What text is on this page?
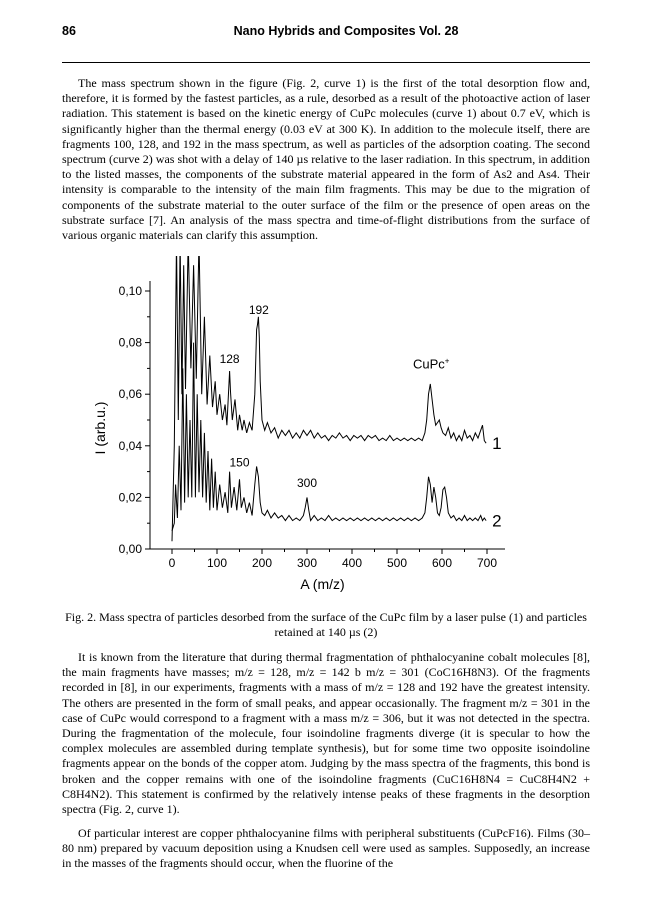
86	Nano Hybrids and Composites Vol. 28

The mass spectrum shown in the figure (Fig. 2, curve 1) is the first of the total desorption flow and, therefore, it is formed by the fastest particles, as a rule, desorbed as a result of the photoactive action of laser radiation. This statement is based on the kinetic energy of CuPc molecules (curve 1) about 0.7 eV, which is significantly higher than the thermal energy (0.03 eV at 300 K). In addition to the molecule itself, there are fragments 100, 128, and 192 in the mass spectrum, as well as particles of the adsorption coating. The second spectrum (curve 2) was shot with a delay of 140 µs relative to the laser radiation. In this spectrum, in addition to the listed masses, the components of the substrate material appeared in the form of As2 and As4. Their intensity is comparable to the intensity of the main film fragments. This may be due to the migration of components of the substrate material to the outer surface of the film or the presence of open areas on the substrate surface [7]. An analysis of the mass spectra and time-of-flight distributions from the surface of various organic materials can clarify this assumption.

0,00
0,02
0,04
0,06
0,08
0,10
0	100 200 300 400 500 600 700
A (m/z)
I (arb.u.)	1
2
192
128	CuPc+
150
300

Fig. 2. Mass spectra of particles desorbed from the surface of the CuPc film by a laser pulse (1) and particles retained at 140 µs (2)

It is known from the literature that during thermal fragmentation of phthalocyanine cobalt molecules [8], the main fragments have masses; m/z = 128, m/z = 142 b m/z = 301 (CoC16H8N3). Of the fragments recorded in [8], in our experiments, fragments with a mass of m/z = 128 and 192 have the greatest intensity. The others are presented in the form of small peaks, and appear occasionally. The fragment m/z = 301 in the case of CuPc would correspond to a fragment with a mass m/z = 306, but it was not detected in the spectra. During the fragmentation of the molecule, four isoindoline fragments diverge (it is specular to how the complex molecules are assembled during template synthesis), but for some time two opposite isoindoline fragments appear on the bonds of the copper atom. Judging by the mass spectra of the fragments, this bond is broken and the copper remains with one of the isoindoline fragments (CuC16H8N4 = CuC8H4N2 + C8H4N2). This statement is confirmed by the relatively intense peaks of these fragments in the desorption spectra (Fig. 2, curve 1).

Of particular interest are copper phthalocyanine films with peripheral substituents (CuPcF16). Films (30–80 nm) prepared by vacuum deposition using a Knudsen cell were used as samples. Supposedly, an increase in the masses of the fragments should occur, when the fluorine of the
